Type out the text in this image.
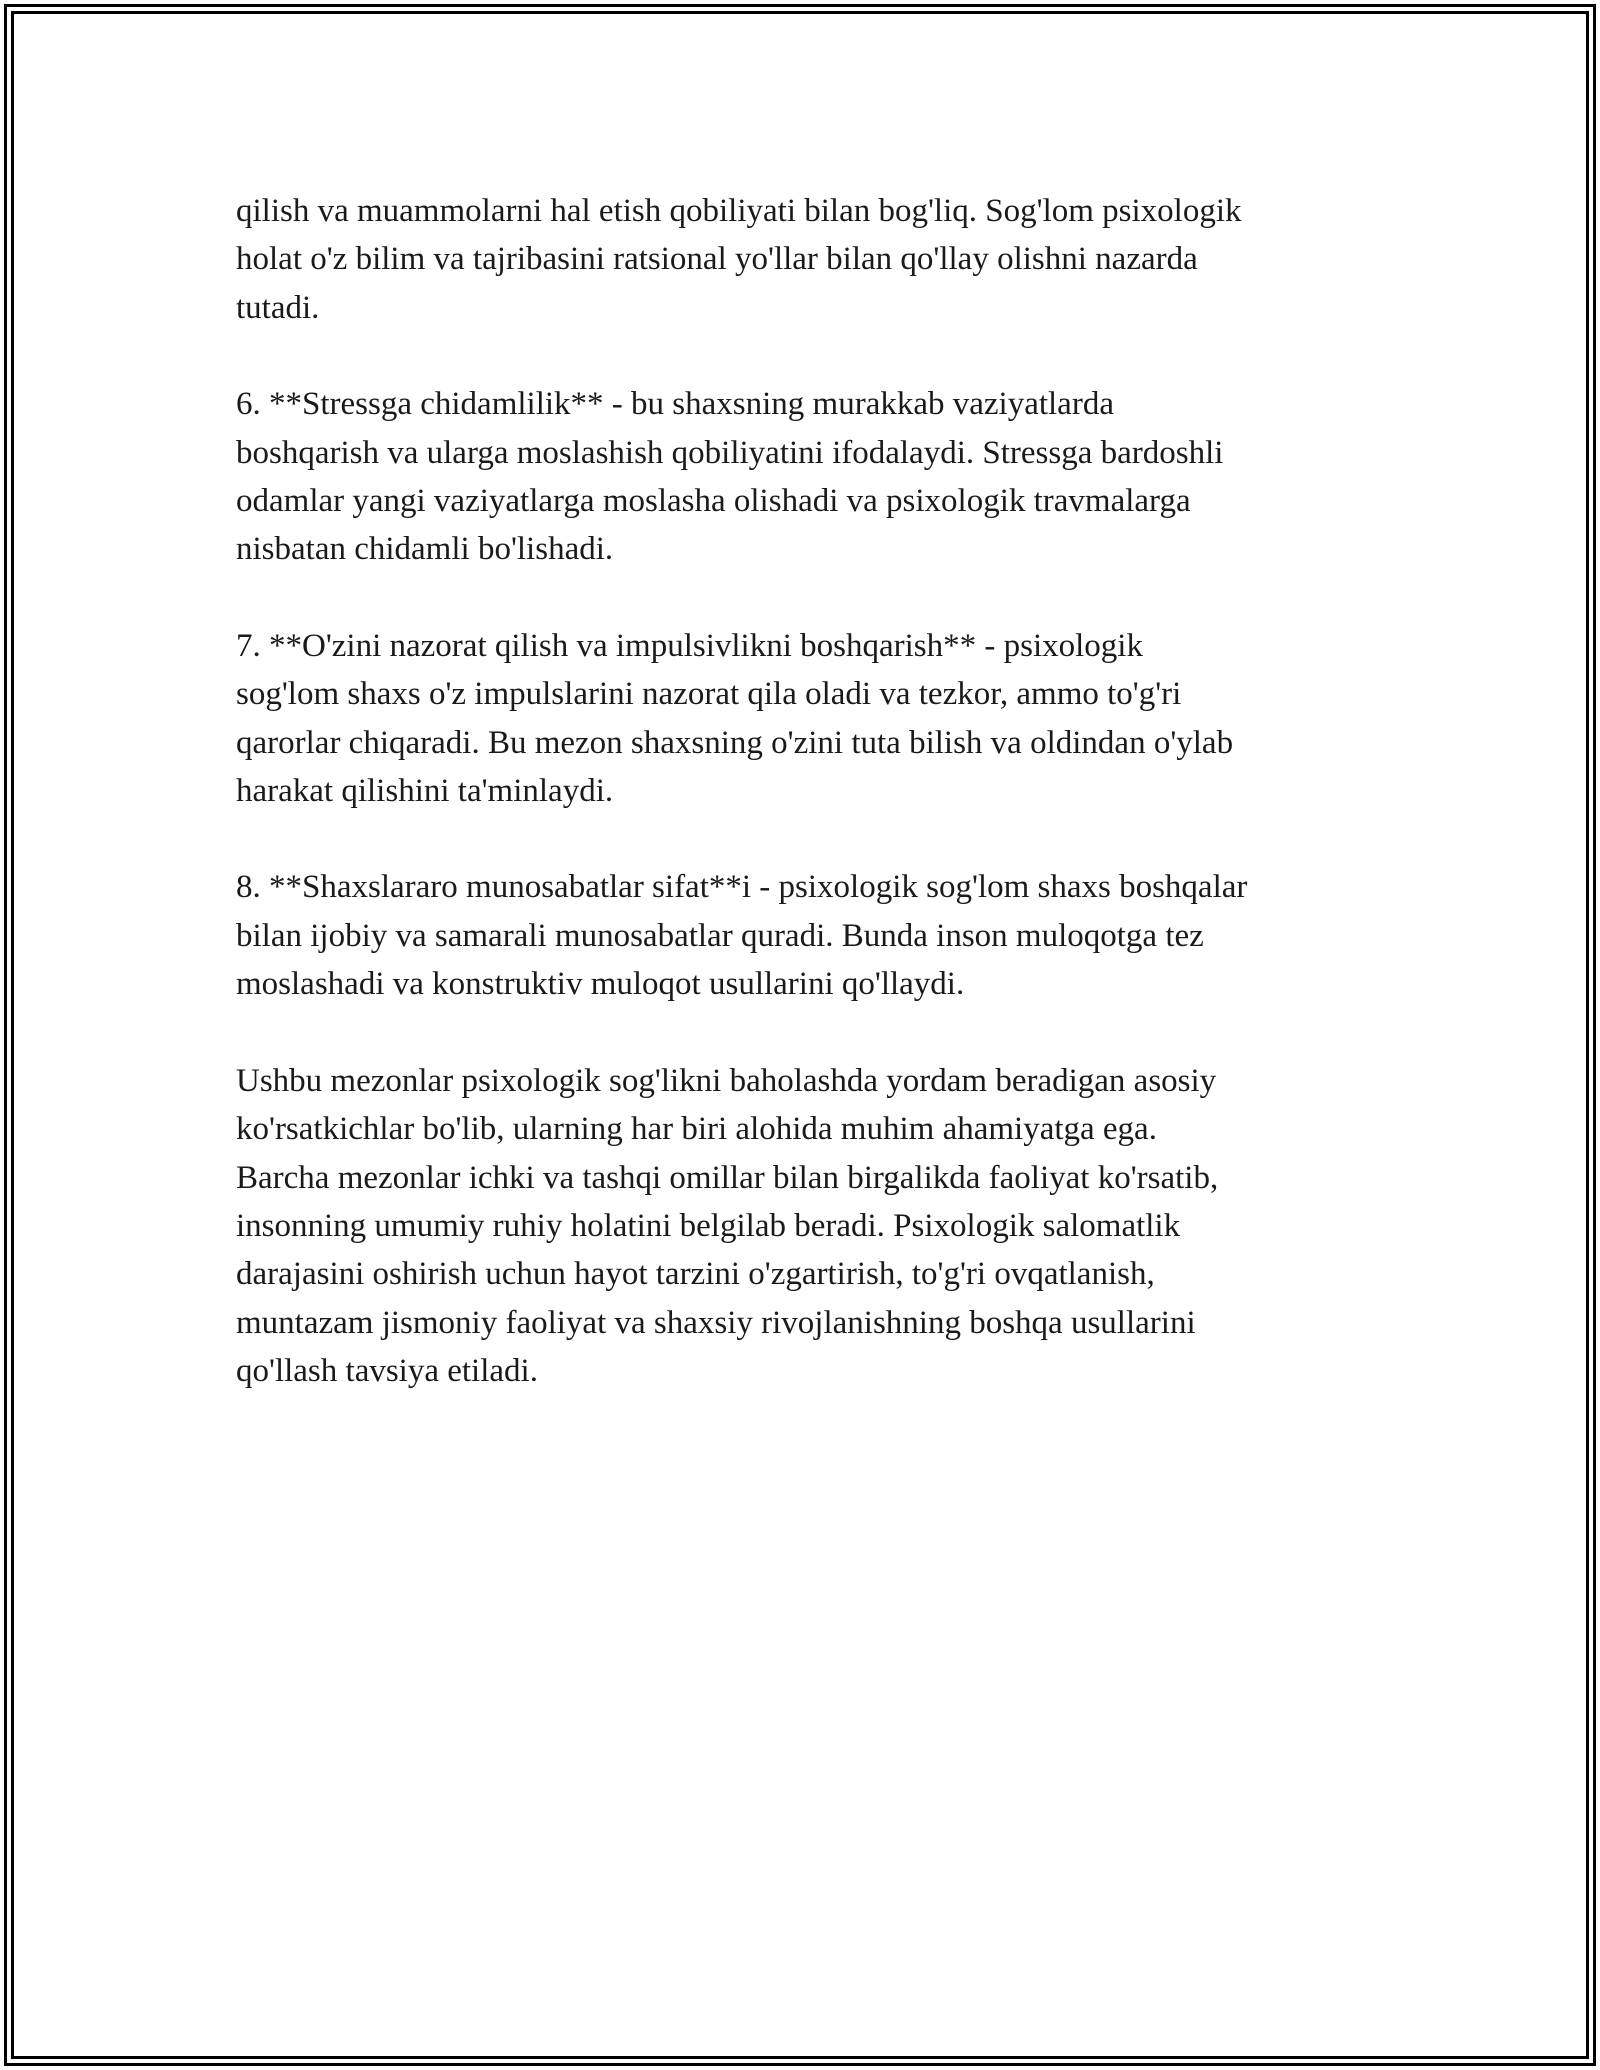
qilish va muammolarni hal etish qobiliyati bilan bog'liq. Sog'lom psixologik
holat o'z bilim va tajribasini ratsional yo'llar bilan qo'llay olishni nazarda
tutadi.

6. **Stressga chidamlilik** - bu shaxsning murakkab vaziyatlarda
boshqarish va ularga moslashish qobiliyatini ifodalaydi. Stressga bardoshli
odamlar yangi vaziyatlarga moslasha olishadi va psixologik travmalarga
nisbatan chidamli bo'lishadi.

7. **O'zini nazorat qilish va impulsivlikni boshqarish** - psixologik
sog'lom shaxs o'z impulslarini nazorat qila oladi va tezkor, ammo to'g'ri
qarorlar chiqaradi. Bu mezon shaxsning o'zini tuta bilish va oldindan o'ylab
harakat qilishini ta'minlaydi.

8. **Shaxslararo munosabatlar sifat**i - psixologik sog'lom shaxs boshqalar
bilan ijobiy va samarali munosabatlar quradi. Bunda inson muloqotga tez
moslashadi va konstruktiv muloqot usullarini qo'llaydi.

Ushbu mezonlar psixologik sog'likni baholashda yordam beradigan asosiy
ko'rsatkichlar bo'lib, ularning har biri alohida muhim ahamiyatga ega.
Barcha mezonlar ichki va tashqi omillar bilan birgalikda faoliyat ko'rsatib,
insonning umumiy ruhiy holatini belgilab beradi. Psixologik salomatlik
darajasini oshirish uchun hayot tarzini o'zgartirish, to'g'ri ovqatlanish,
muntazam jismoniy faoliyat va shaxsiy rivojlanishning boshqa usullarini
qo'llash tavsiya etiladi.
